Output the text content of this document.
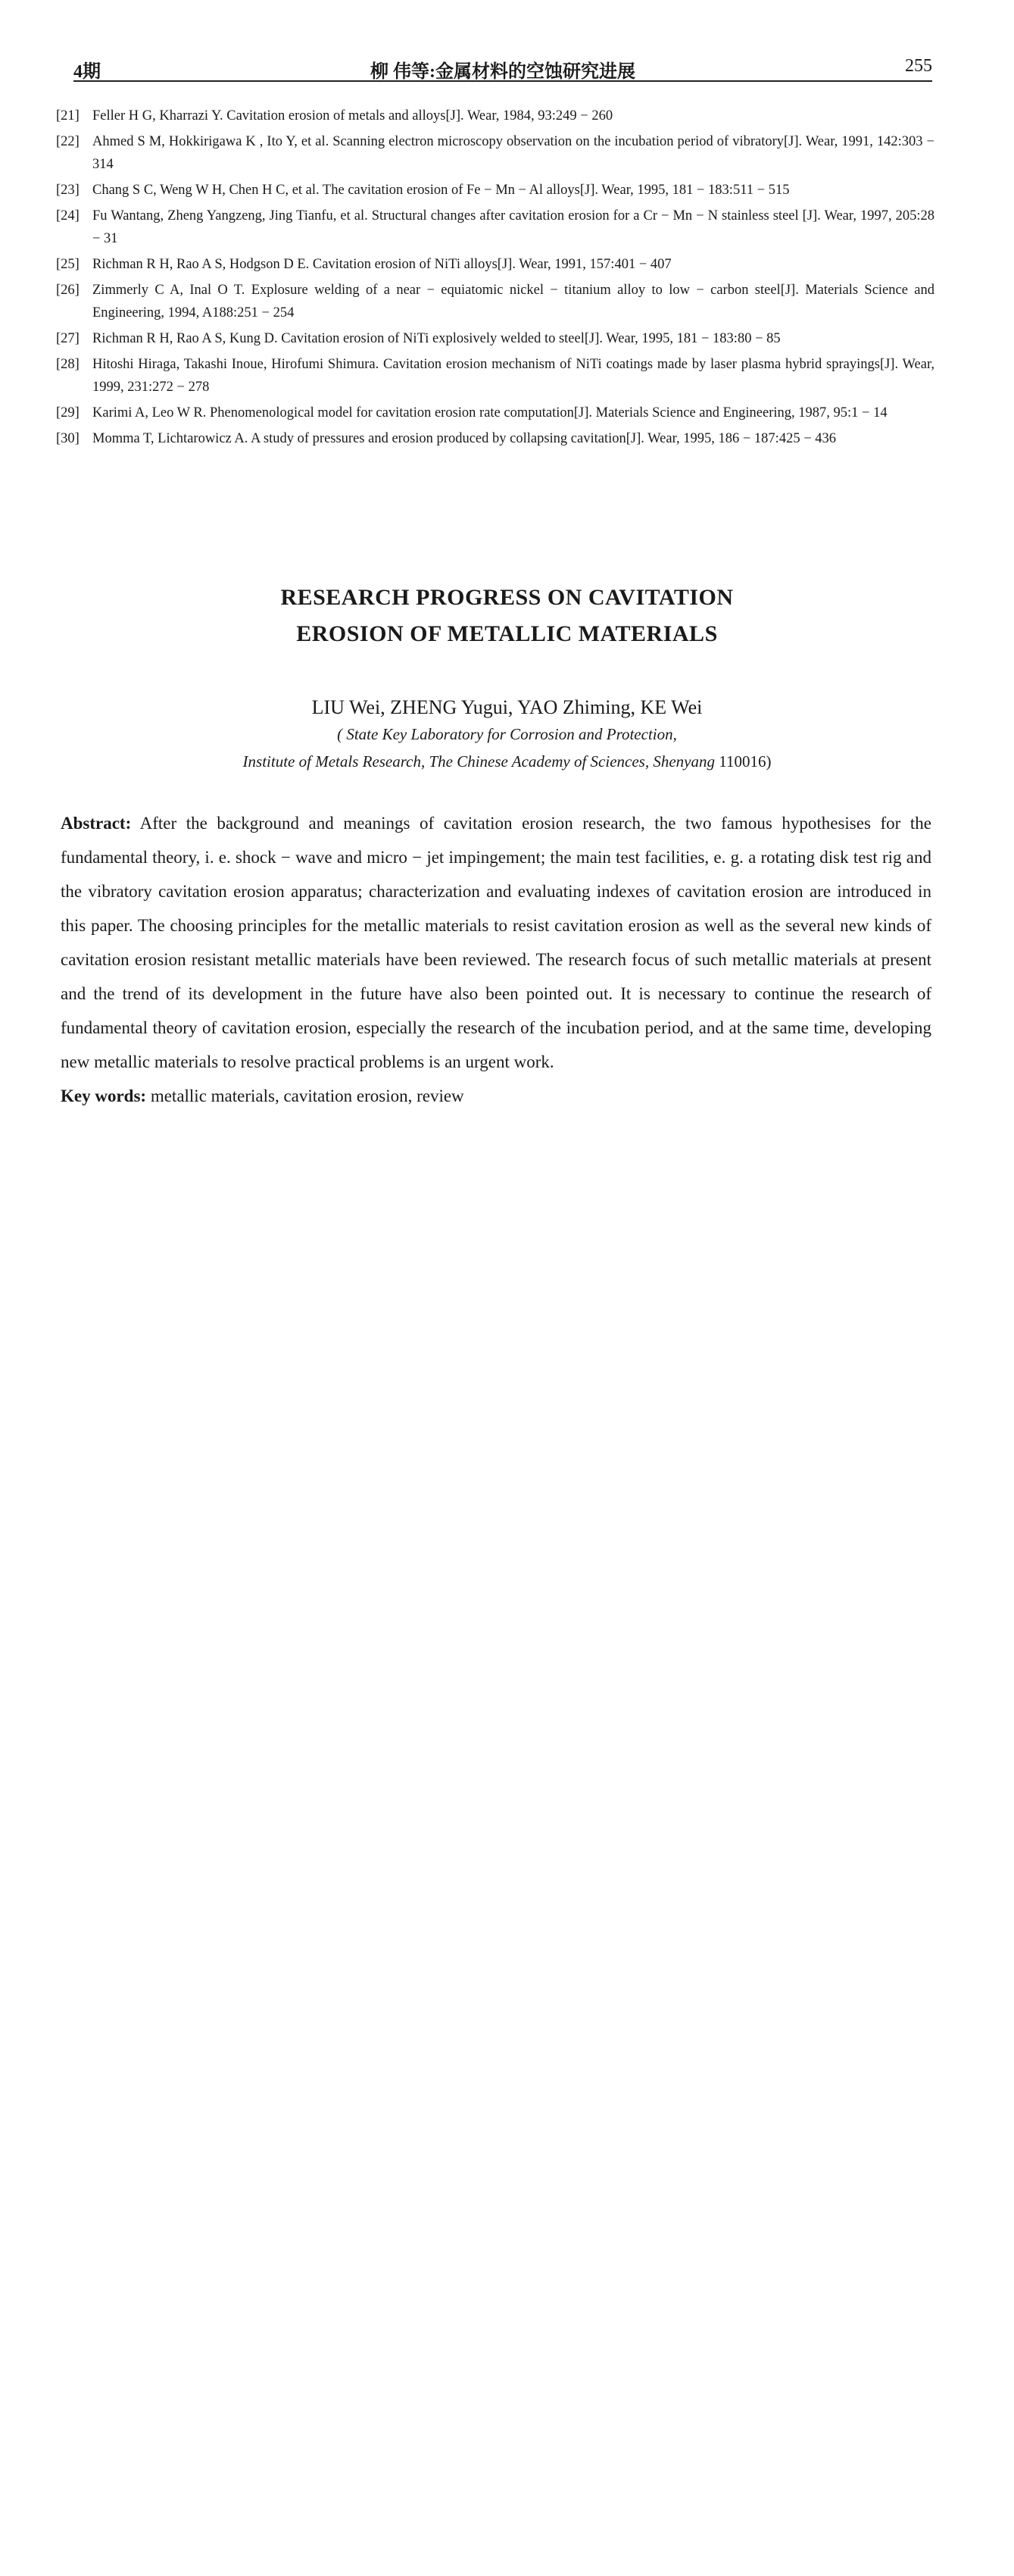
4期	柳 伟等:金属材料的空蚀研究进展	255
[21] Feller H G, Kharrazi Y. Cavitation erosion of metals and alloys[J]. Wear, 1984, 93:249 − 260
[22] Ahmed S M, Hokkirigawa K , Ito Y, et al. Scanning electron microscopy observation on the incubation period of vibratory[J]. Wear, 1991, 142:303 − 314
[23] Chang S C, Weng W H, Chen H C, et al. The cavitation erosion of Fe − Mn − Al alloys[J]. Wear, 1995, 181 − 183:511 − 515
[24] Fu Wantang, Zheng Yangzeng, Jing Tianfu, et al. Structural changes after cavitation erosion for a Cr − Mn − N stainless steel [J]. Wear, 1997, 205:28 − 31
[25] Richman R H, Rao A S, Hodgson D E. Cavitation erosion of NiTi alloys[J]. Wear, 1991, 157:401 − 407
[26] Zimmerly C A, Inal O T. Explosure welding of a near − equiatomic nickel − titanium alloy to low − carbon steel[J]. Materials Science and Engineering, 1994, A188:251 − 254
[27] Richman R H, Rao A S, Kung D. Cavitation erosion of NiTi explosively welded to steel[J]. Wear, 1995, 181 − 183:80 − 85
[28] Hitoshi Hiraga, Takashi Inoue, Hirofumi Shimura. Cavitation erosion mechanism of NiTi coatings made by laser plasma hybrid sprayings[J]. Wear, 1999, 231:272 − 278
[29] Karimi A, Leo W R. Phenomenological model for cavitation erosion rate computation[J]. Materials Science and Engineering, 1987, 95:1 − 14
[30] Momma T, Lichtarowicz A. A study of pressures and erosion produced by collapsing cavitation[J]. Wear, 1995, 186 − 187:425 − 436
RESEARCH PROGRESS ON CAVITATION
EROSION OF METALLIC MATERIALS
LIU Wei, ZHENG Yugui, YAO Zhiming, KE Wei
( State Key Laboratory for Corrosion and Protection,
Institute of Metals Research, The Chinese Academy of Sciences, Shenyang 110016)

Abstract: After the background and meanings of cavitation erosion research, the two famous hypothesises for the fundamental theory, i. e. shock − wave and micro − jet impingement; the main test facilities, e. g. a rotating disk test rig and the vibratory cavitation erosion apparatus; characterization and evaluating indexes of cavitation erosion are introduced in this paper. The choosing principles for the metallic materials to resist cavitation erosion as well as the several new kinds of cavitation erosion resistant metallic materials have been reviewed. The research focus of such metallic materials at present and the trend of its development in the future have also been pointed out. It is necessary to continue the research of fundamental theory of cavitation erosion, especially the research of the incubation period, and at the same time, developing new metallic materials to resolve practical problems is an urgent work.

Key words: metallic materials, cavitation erosion, review
